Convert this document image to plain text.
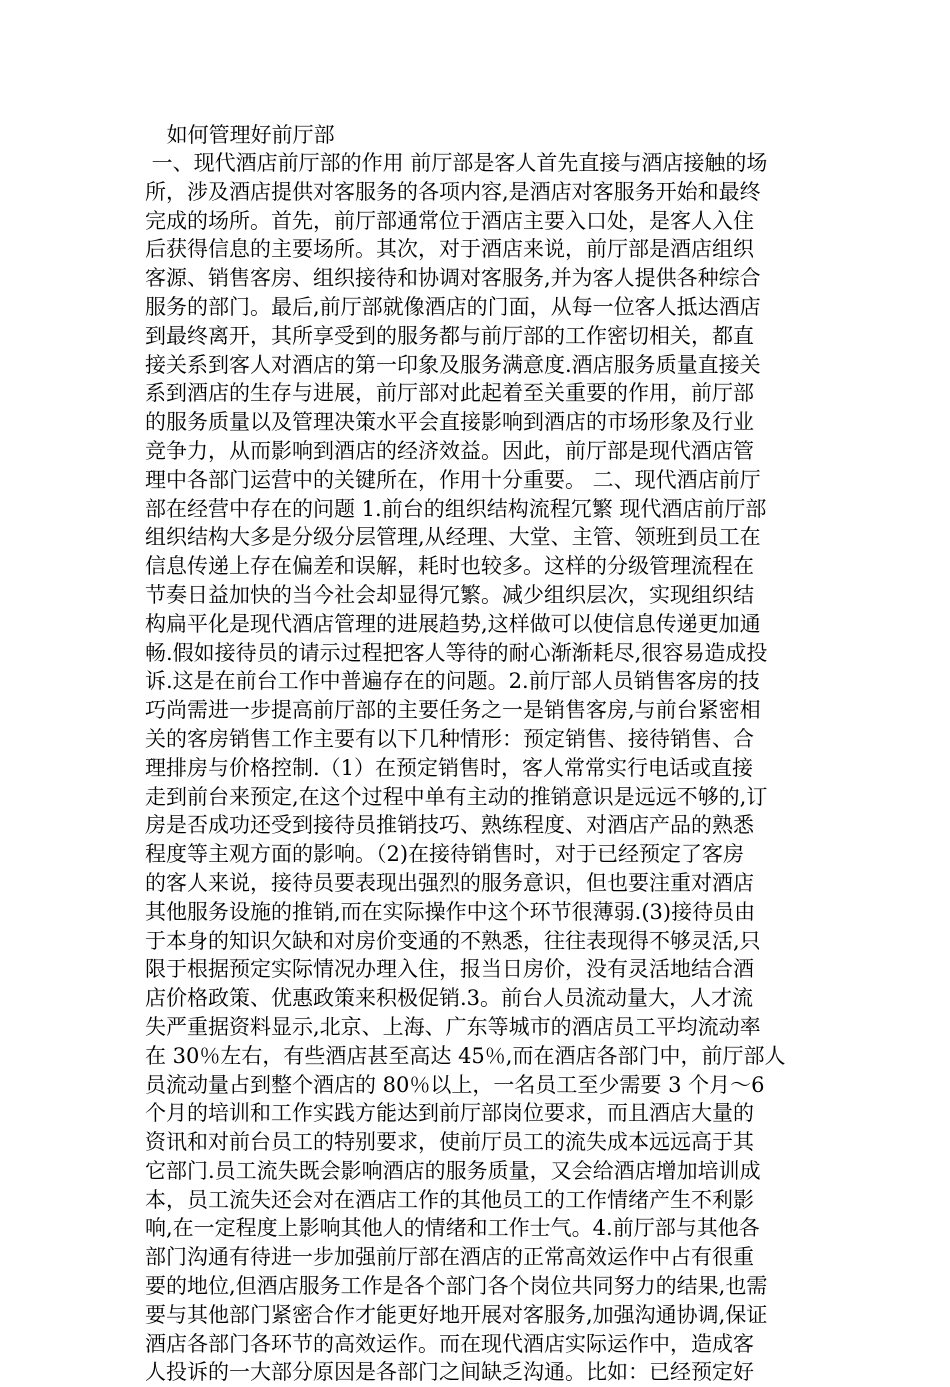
如何管理好前厅部
一、现代酒店前厅部的作用 前厅部是客人首先直接与酒店接触的场
所，涉及酒店提供对客服务的各项内容,是酒店对客服务开始和最终
完成的场所。首先，前厅部通常位于酒店主要入口处，是客人入住
后获得信息的主要场所。其次，对于酒店来说，前厅部是酒店组织
客源、销售客房、组织接待和协调对客服务,并为客人提供各种综合
服务的部门。最后,前厅部就像酒店的门面，从每一位客人抵达酒店
到最终离开，其所享受到的服务都与前厅部的工作密切相关，都直
接关系到客人对酒店的第一印象及服务满意度.酒店服务质量直接关
系到酒店的生存与进展，前厅部对此起着至关重要的作用，前厅部
的服务质量以及管理决策水平会直接影响到酒店的市场形象及行业
竞争力，从而影响到酒店的经济效益。因此，前厅部是现代酒店管
理中各部门运营中的关键所在，作用十分重要。 二、现代酒店前厅
部在经营中存在的问题 1.前台的组织结构流程冗繁 现代酒店前厅部
组织结构大多是分级分层管理,从经理、大堂、主管、领班到员工在
信息传递上存在偏差和误解，耗时也较多。这样的分级管理流程在
节奏日益加快的当今社会却显得冗繁。减少组织层次，实现组织结
构扁平化是现代酒店管理的进展趋势,这样做可以使信息传递更加通
畅.假如接待员的请示过程把客人等待的耐心渐渐耗尽,很容易造成投
诉.这是在前台工作中普遍存在的问题。2.前厅部人员销售客房的技
巧尚需进一步提高前厅部的主要任务之一是销售客房,与前台紧密相
关的客房销售工作主要有以下几种情形：预定销售、接待销售、合
理排房与价格控制.（1）在预定销售时，客人常常实行电话或直接
走到前台来预定,在这个过程中单有主动的推销意识是远远不够的,订
房是否成功还受到接待员推销技巧、熟练程度、对酒店产品的熟悉
程度等主观方面的影响。（2)在接待销售时，对于已经预定了客房
的客人来说，接待员要表现出强烈的服务意识，但也要注重对酒店
其他服务设施的推销,而在实际操作中这个环节很薄弱.(3)接待员由
于本身的知识欠缺和对房价变通的不熟悉，往往表现得不够灵活,只
限于根据预定实际情况办理入住，报当日房价，没有灵活地结合酒
店价格政策、优惠政策来积极促销.3。前台人员流动量大，人才流
失严重据资料显示,北京、上海、广东等城市的酒店员工平均流动率
在 30％左右，有些酒店甚至高达 45％,而在酒店各部门中，前厅部人
员流动量占到整个酒店的 80％以上，一名员工至少需要 3 个月～6
个月的培训和工作实践方能达到前厅部岗位要求，而且酒店大量的
资讯和对前台员工的特别要求，使前厅员工的流失成本远远高于其
它部门.员工流失既会影响酒店的服务质量，又会给酒店增加培训成
本，员工流失还会对在酒店工作的其他员工的工作情绪产生不利影
响,在一定程度上影响其他人的情绪和工作士气。4.前厅部与其他各
部门沟通有待进一步加强前厅部在酒店的正常高效运作中占有很重
要的地位,但酒店服务工作是各个部门各个岗位共同努力的结果,也需
要与其他部门紧密合作才能更好地开展对客服务,加强沟通协调,保证
酒店各部门各环节的高效运作。而在现代酒店实际运作中，造成客
人投诉的一大部分原因是各部门之间缺乏沟通。比如：已经预定好
